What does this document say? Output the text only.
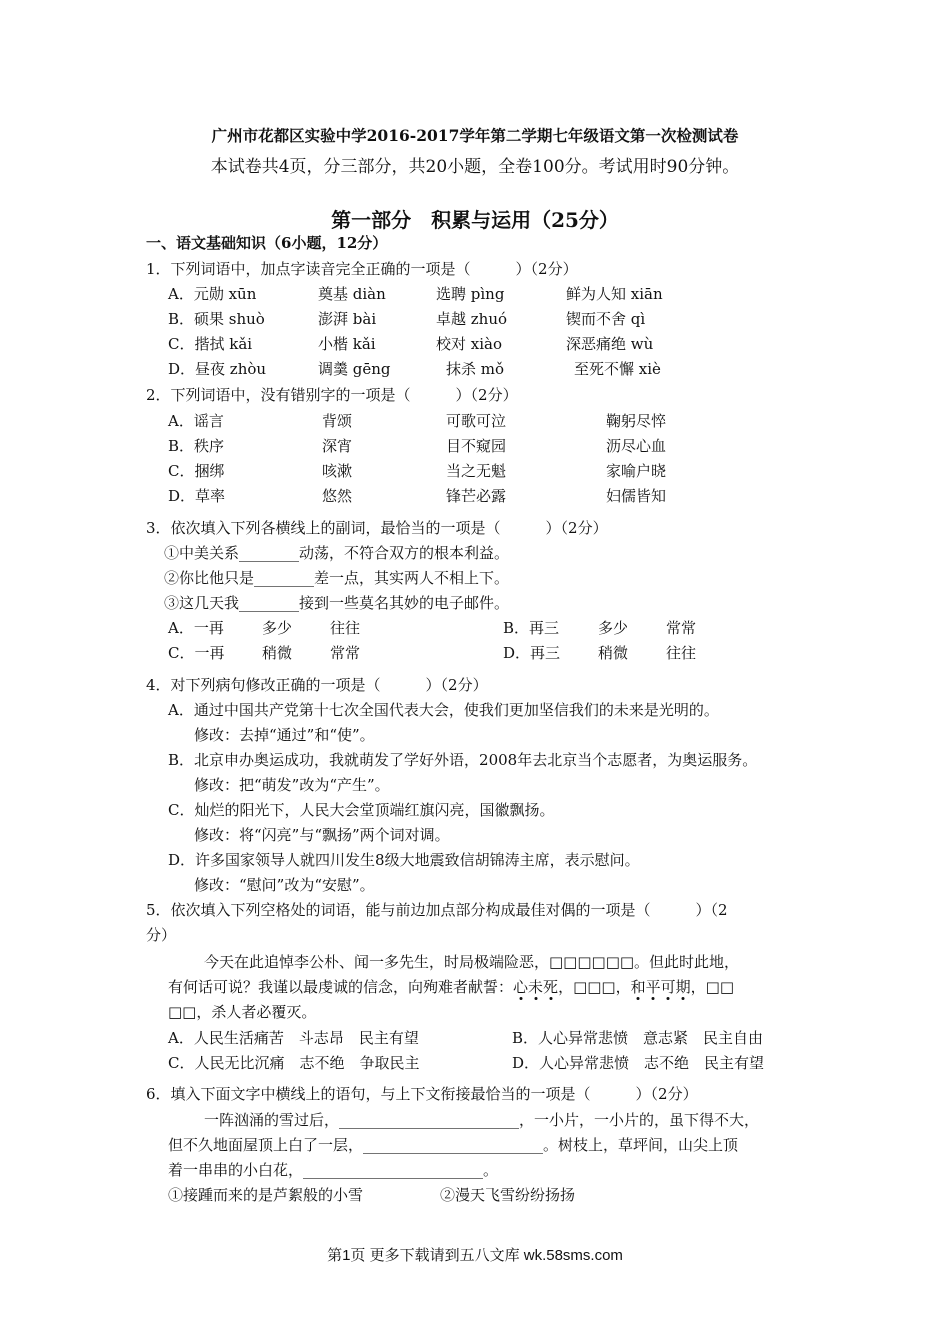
广州市花都区实验中学2016-2017学年第二学期七年级语文第一次检测试卷
本试卷共4页，分三部分，共20小题，全卷100分。考试用时90分钟。
第一部分　积累与运用（25分）
一、语文基础知识（6小题，12分）
1．下列词语中，加点字读音完全正确的一项是（　　　）（2分）
A．元勋 xūn	奠基 diàn	选聘 pìng	鲜为人知 xiān
B．硕果 shuò	澎湃 bài	卓越 zhuó	锲而不舍 qì
C．揩拭 kǎi	小楷 kǎi	校对 xiào	深恶痛绝 wù
D．昼夜 zhòu	调羹 gēng	抹杀 mǒ	至死不懈 xiè
2．下列词语中，没有错别字的一项是（　　　）（2分）
A．谣言	背颂	可歌可泣	鞠躬尽悴
B．秩序	深宵	目不窥园	沥尽心血
C．捆绑	咳漱	当之无魁	家喻户晓
D．草率	悠然	锋芒必露	妇儒皆知
3．依次填入下列各横线上的副词，最恰当的一项是（　　　）（2分）
①中美关系________动荡，不符合双方的根本利益。
②你比他只是________差一点，其实两人不相上下。
③这几天我________接到一些莫名其妙的电子邮件。
A．一再	多少	往往	B．再三	多少	常常
C．一再	稍微	常常	D．再三	稍微	往往
4．对下列病句修改正确的一项是（　　　）（2分）
A．通过中国共产党第十七次全国代表大会，使我们更加坚信我们的未来是光明的。
修改：去掉“通过”和“使”。
B．北京申办奥运成功，我就萌发了学好外语，2008年去北京当个志愿者，为奥运服务。
修改：把“萌发”改为“产生”。
C．灿烂的阳光下，人民大会堂顶端红旗闪亮，国徽飘扬。
修改：将“闪亮”与“飘扬”两个词对调。
D．许多国家领导人就四川发生8级大地震致信胡锦涛主席，表示慰问。
修改：“慰问”改为“安慰”。
5．依次填入下列空格处的词语，能与前边加点部分构成最佳对偶的一项是（　　　）（2
分）
今天在此追悼李公朴、闻一多先生，时局极端险恶，□□□□□□。但此时此地，
有何话可说？我谨以最虔诚的信念，向殉难者献誓：心未死，□□□，和平可期，□□
□□，杀人者必覆灭。
A．人民生活痛苦　斗志昂　民主有望	B．人心异常悲愤　意志紧　民主自由
C．人民无比沉痛　志不绝　争取民主	D．人心异常悲愤　志不绝　民主有望
6．填入下面文字中横线上的语句，与上下文衔接最恰当的一项是（　　　）（2分）
一阵汹涌的雪过后，________________________，一小片，一小片的，虽下得不大，
但不久地面屋顶上白了一层，________________________。树枝上，草坪间，山尖上顶
着一串串的小白花，________________________。
①接踵而来的是芦絮般的小雪	②漫天飞雪纷纷扬扬
第1页 更多下载请到五八文库 wk.58sms.com
